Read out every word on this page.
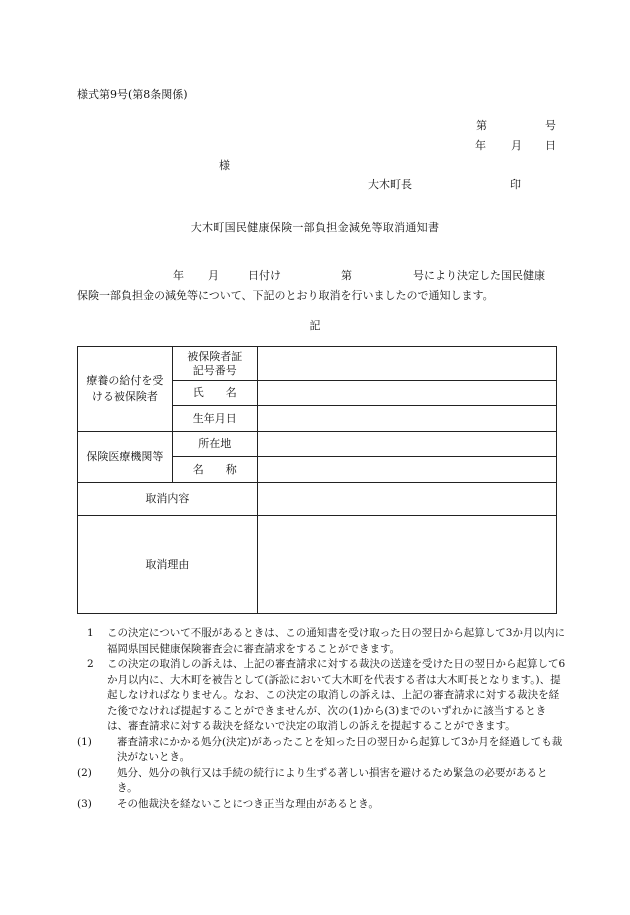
様式第9号(第8条関係)
第	号
年 月 日
様
大木町長	印
大木町国民健康保険一部負担金減免等取消通知書
年 月	日付け	第	号により決定した国民健康
保険一部負担金の減免等について、下記のとおり取消を行いましたので通知します。
記
療養の給付を受ける被保険者	被保険者証記号番号	

	氏　　名	
	生年月日	
保険医療機関等	所在地	
	名　　称	
取消内容		
取消理由		
1	この決定について不服があるときは、この通知書を受け取った日の翌日から起算して3か月以内に福岡県国民健康保険審査会に審査請求をすることができます。
2	この決定の取消しの訴えは、上記の審査請求に対する裁決の送達を受けた日の翌日から起算して6か月以内に、大木町を被告として(訴訟において大木町を代表する者は大木町長となります。)、提起しなければなりません。なお、この決定の取消しの訴えは、上記の審査請求に対する裁決を経た後でなければ提起することができませんが、次の(1)から(3)までのいずれかに該当するときは、審査請求に対する裁決を経ないで決定の取消しの訴えを提起することができます。
(1)	審査請求にかかる処分(決定)があったことを知った日の翌日から起算して3か月を経過しても裁決がないとき。
(2)	処分、処分の執行又は手続の続行により生ずる著しい損害を避けるため緊急の必要があるとき。
(3)	その他裁決を経ないことにつき正当な理由があるとき。
